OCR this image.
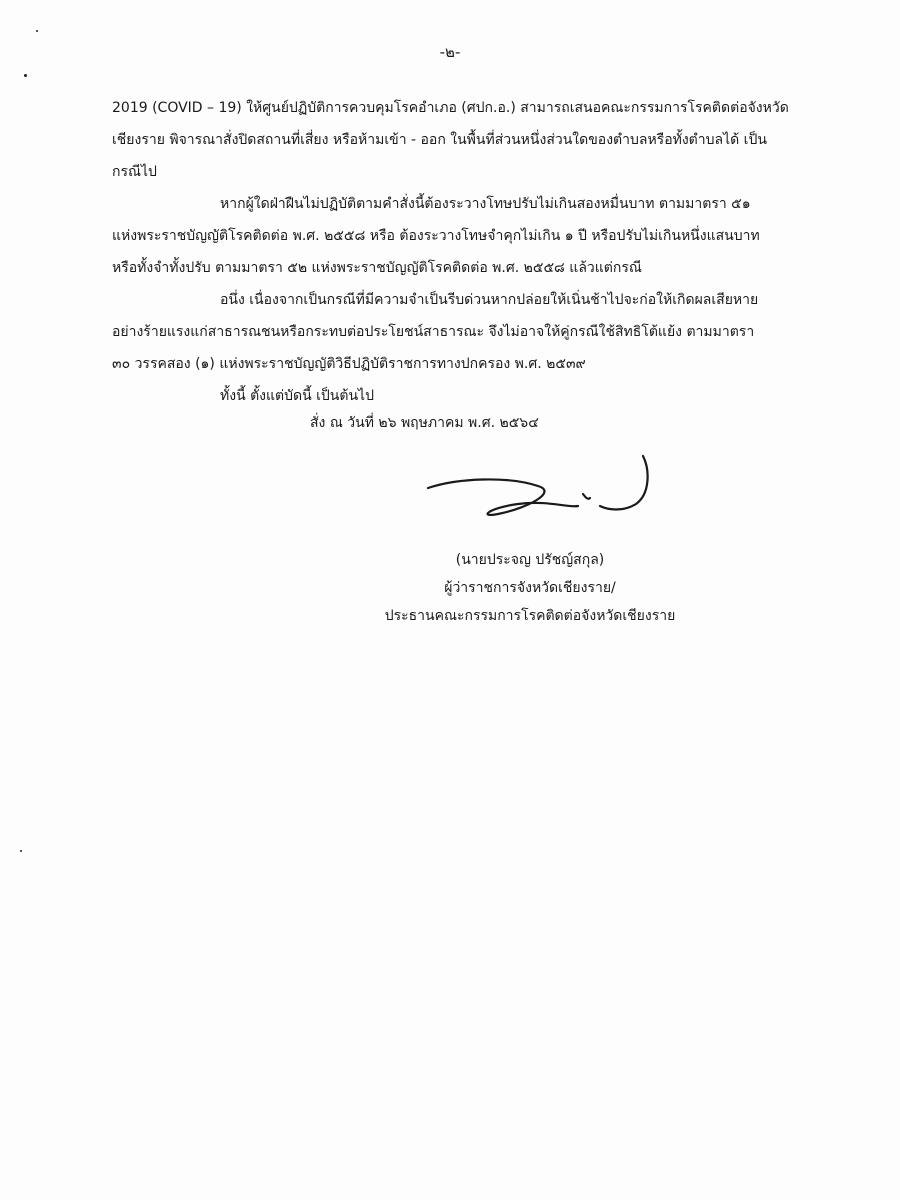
-๒-
2019 (COVID – 19) ให้ศูนย์ปฏิบัติการควบคุมโรคอำเภอ (ศปก.อ.) สามารถเสนอคณะกรรมการโรคติดต่อจังหวัด
เชียงราย พิจารณาสั่งปิดสถานที่เสี่ยง หรือห้ามเข้า - ออก ในพื้นที่ส่วนหนึ่งส่วนใดของตำบลหรือทั้งตำบลได้ เป็น
กรณีไป
หากผู้ใดฝ่าฝืนไม่ปฏิบัติตามคำสั่งนี้ต้องระวางโทษปรับไม่เกินสองหมื่นบาท ตามมาตรา ๕๑
แห่งพระราชบัญญัติโรคติดต่อ พ.ศ. ๒๕๕๘ หรือ ต้องระวางโทษจำคุกไม่เกิน ๑ ปี หรือปรับไม่เกินหนึ่งแสนบาท
หรือทั้งจำทั้งปรับ ตามมาตรา ๕๒ แห่งพระราชบัญญัติโรคติดต่อ พ.ศ. ๒๕๕๘ แล้วแต่กรณี
อนึ่ง เนื่องจากเป็นกรณีที่มีความจำเป็นรีบด่วนหากปล่อยให้เนิ่นช้าไปจะก่อให้เกิดผลเสียหาย
อย่างร้ายแรงแก่สาธารณชนหรือกระทบต่อประโยชน์สาธารณะ จึงไม่อาจให้คู่กรณีใช้สิทธิโต้แย้ง ตามมาตรา
๓๐ วรรคสอง (๑) แห่งพระราชบัญญัติวิธีปฏิบัติราชการทางปกครอง พ.ศ. ๒๕๓๙
ทั้งนี้ ตั้งแต่บัดนี้ เป็นต้นไป
สั่ง ณ วันที่ ๒๖ พฤษภาคม พ.ศ. ๒๕๖๔
(นายประจญ ปรัชญ์สกุล)
ผู้ว่าราชการจังหวัดเชียงราย/
ประธานคณะกรรมการโรคติดต่อจังหวัดเชียงราย
